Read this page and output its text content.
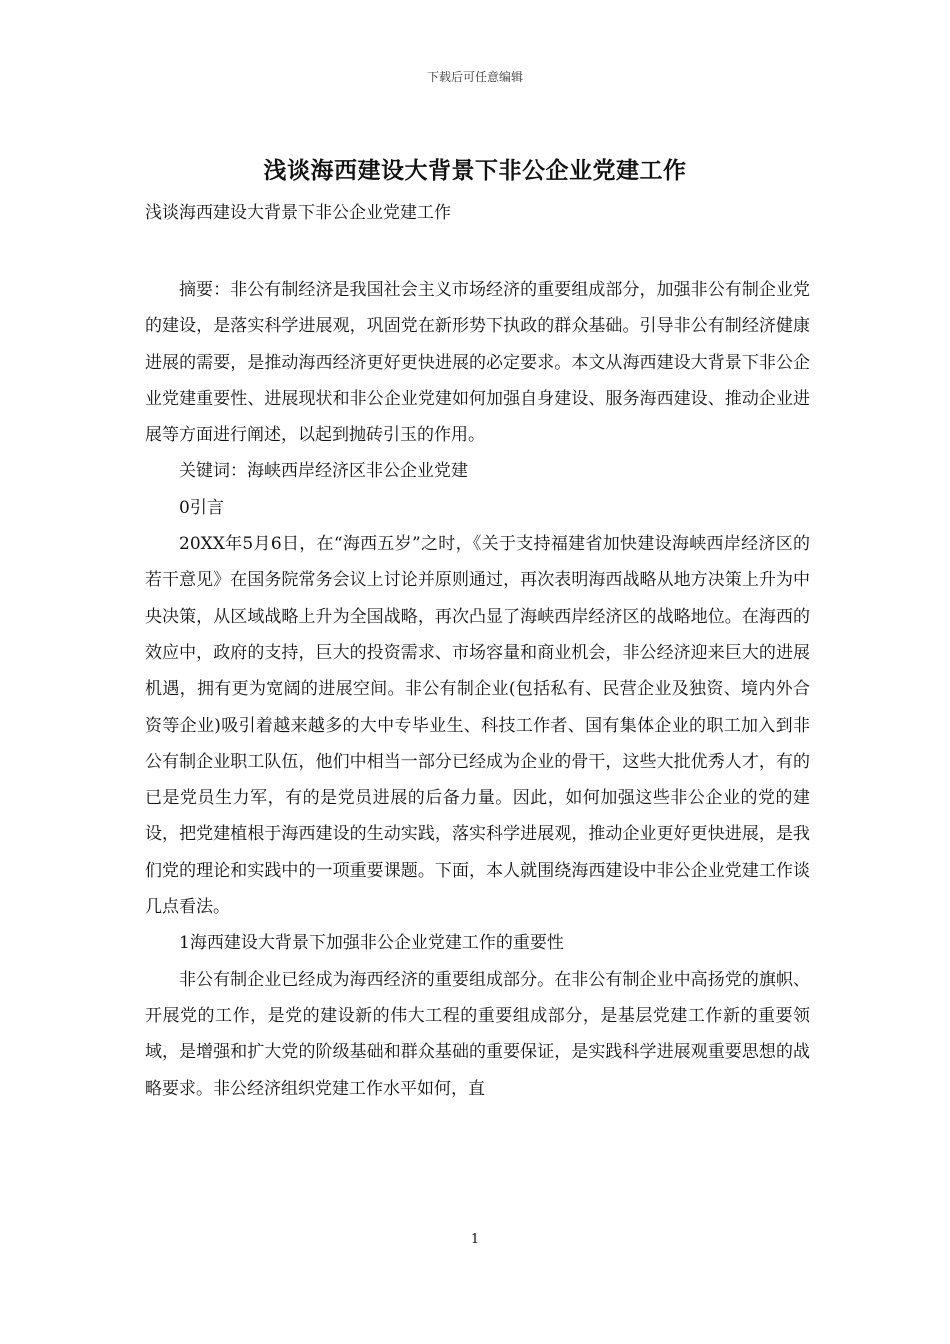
下载后可任意编辑
浅谈海西建设大背景下非公企业党建工作
浅谈海西建设大背景下非公企业党建工作

摘要：非公有制经济是我国社会主义市场经济的重要组成部分，加强非公有制企业党的建设，是落实科学进展观，巩固党在新形势下执政的群众基础。引导非公有制经济健康进展的需要，是推动海西经济更好更快进展的必定要求。本文从海西建设大背景下非公企业党建重要性、进展现状和非公企业党建如何加强自身建设、服务海西建设、推动企业进展等方面进行阐述，以起到抛砖引玉的作用。

关键词：海峡西岸经济区非公企业党建

0引言

20XX年5月6日，在“海西五岁”之时，《关于支持福建省加快建设海峡西岸经济区的若干意见》在国务院常务会议上讨论并原则通过，再次表明海西战略从地方决策上升为中央决策，从区域战略上升为全国战略，再次凸显了海峡西岸经济区的战略地位。在海西的效应中，政府的支持，巨大的投资需求、市场容量和商业机会，非公经济迎来巨大的进展机遇，拥有更为宽阔的进展空间。非公有制企业(包括私有、民营企业及独资、境内外合资等企业)吸引着越来越多的大中专毕业生、科技工作者、国有集体企业的职工加入到非公有制企业职工队伍，他们中相当一部分已经成为企业的骨干，这些大批优秀人才，有的已是党员生力军，有的是党员进展的后备力量。因此，如何加强这些非公企业的党的建设，把党建植根于海西建设的生动实践，落实科学进展观，推动企业更好更快进展，是我们党的理论和实践中的一项重要课题。下面，本人就围绕海西建设中非公企业党建工作谈几点看法。

1海西建设大背景下加强非公企业党建工作的重要性

非公有制企业已经成为海西经济的重要组成部分。在非公有制企业中高扬党的旗帜、开展党的工作，是党的建设新的伟大工程的重要组成部分，是基层党建工作新的重要领域，是增强和扩大党的阶级基础和群众基础的重要保证，是实践科学进展观重要思想的战略要求。非公经济组织党建工作水平如何，直

1
